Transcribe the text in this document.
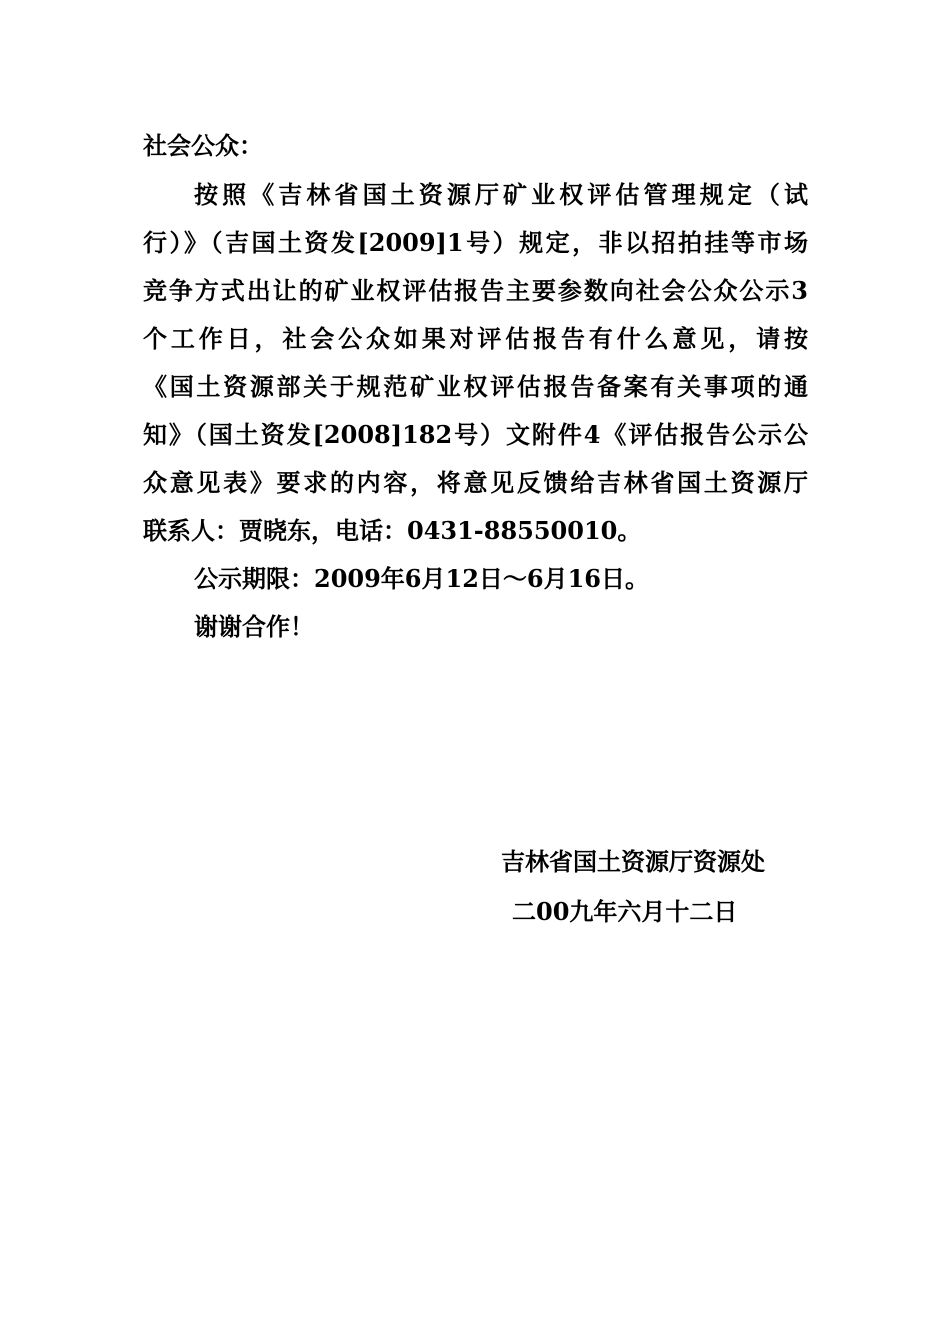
社会公众：
按照《吉林省国土资源厅矿业权评估管理规定（试
行）》（吉国土资发[2009]1号）规定，非以招拍挂等市场
竞争方式出让的矿业权评估报告主要参数向社会公众公示3
个工作日，社会公众如果对评估报告有什么意见，请按
《国土资源部关于规范矿业权评估报告备案有关事项的通
知》（国土资发[2008]182号）文附件4《评估报告公示公
众意见表》要求的内容，将意见反馈给吉林省国土资源厅
联系人：贾晓东，电话：0431-88550010。
公示期限：2009年6月12日～6月16日。
谢谢合作！
吉林省国土资源厅资源处
二00九年六月十二日
